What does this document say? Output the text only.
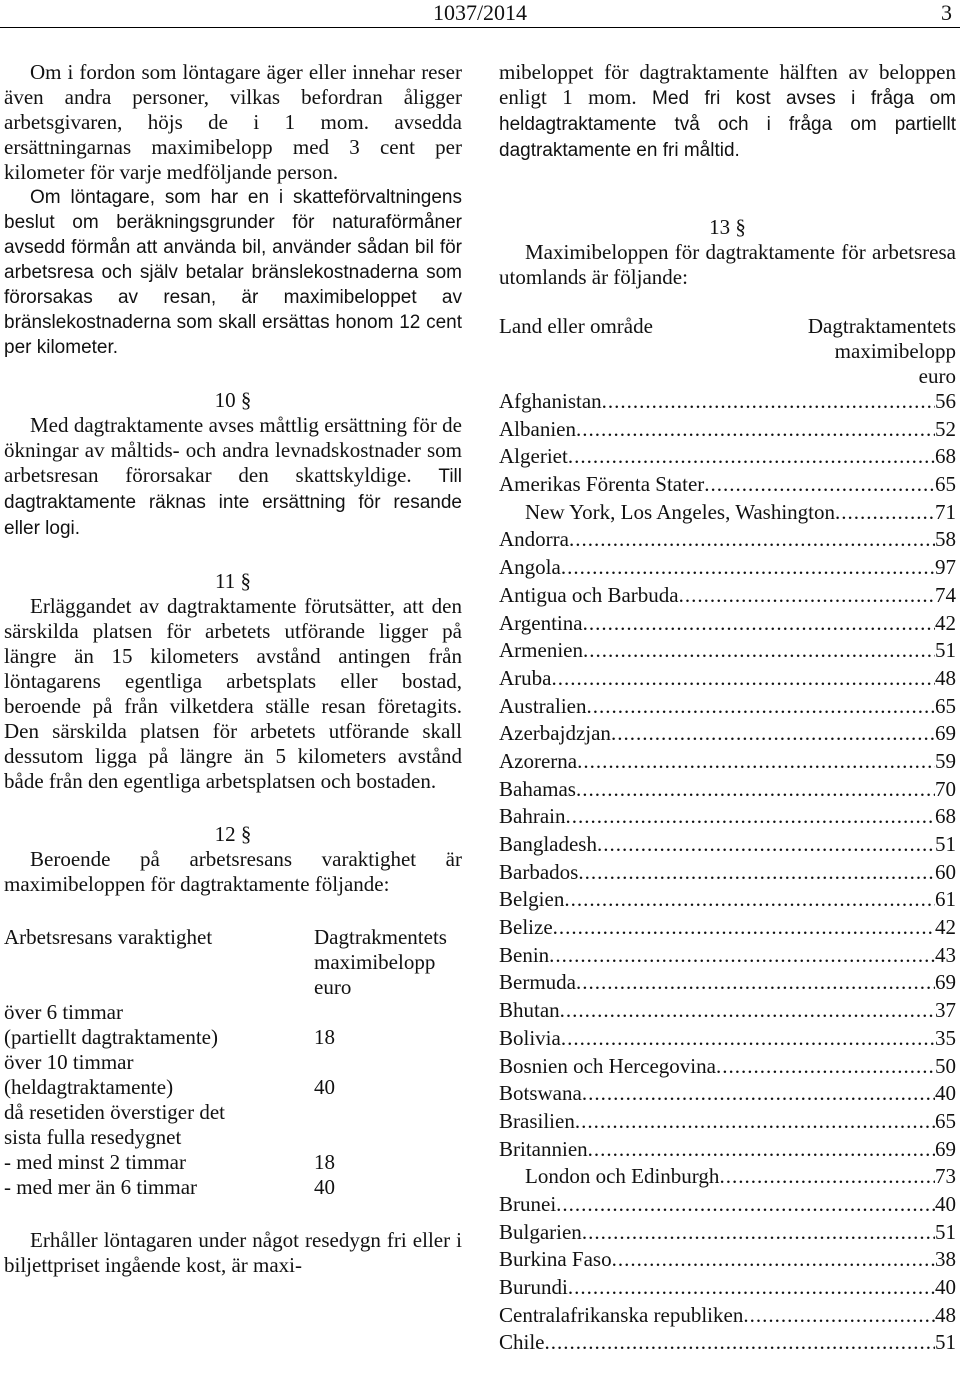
1037/2014	3

Om i fordon som löntagare äger eller innehar reser även andra personer, vilkas befordran åligger arbetsgivaren, höjs de i 1 mom. avsedda ersättningarnas maximibelopp med 3 cent per kilometer för varje medföljande person.

Om löntagare, som har en i skatteförvaltningens beslut om beräkningsgrunder för naturaförmåner avsedd förmån att använda bil, använder sådan bil för arbetsresa och själv betalar bränslekostnaderna som förorsakas av resan, är maximibeloppet av bränslekostnaderna som skall ersättas honom 12 cent per kilometer.

10 §

Med dagtraktamente avses måttlig ersättning för de ökningar av måltids- och andra levnadskostnader som arbetsresan förorsakar den skattskyldige. Till dagtraktamente räknas inte ersättning för resande eller logi.

11 §

Erläggandet av dagtraktamente förutsätter, att den särskilda platsen för arbetets utförande ligger på längre än 15 kilometers avstånd antingen från löntagarens egentliga arbetsplats eller bostad, beroende på från vilketdera ställe resan företagits. Den särskilda platsen för arbetets utförande skall dessutom ligga på längre än 5 kilometers avstånd både från den egentliga arbetsplatsen och bostaden.

12 §

Beroende på arbetsresans varaktighet är maximibeloppen för dagtraktamente följande:

Arbetsresans varaktighet	Dagtrakmentets maximibelopp euro
över 6 timmar	
(partiellt dagtraktamente)	18
över 10 timmar	
(heldagtraktamente)	40
då resetiden överstiger det	
sista fulla resedygnet	
- med minst 2 timmar	18
- med mer än 6 timmar	40

Erhåller löntagaren under något resedygn fri eller i biljettpriset ingående kost, är maxi-

mibeloppet för dagtraktamente hälften av beloppen enligt 1 mom. Med fri kost avses i fråga om heldagtraktamente två och i fråga om partiellt dagtraktamente en fri måltid.

13 §

Maximibeloppen för dagtraktamente för arbetsresa utomlands är följande:

Land eller område	Dagtraktamentets
maximibelopp
euro
Afghanistan .....	56
Albanien .....	52
Algeriet .....	68
Amerikas Förenta Stater .....	65
New York, Los Angeles, Washington .....	71
Andorra .....	58
Angola .....	97
Antigua och Barbuda .....	74
Argentina .....	42
Armenien .....	51
Aruba .....	48
Australien .....	65
Azerbajdzjan .....	69
Azorerna .....	59
Bahamas .....	70
Bahrain .....	68
Bangladesh .....	51
Barbados .....	60
Belgien .....	61
Belize .....	42
Benin .....	43
Bermuda .....	69
Bhutan .....	37
Bolivia .....	35
Bosnien och Hercegovina .....	50
Botswana .....	40
Brasilien .....	65
Britannien .....	69
London och Edinburgh .....	73
Brunei .....	40
Bulgarien .....	51
Burkina Faso .....	38
Burundi .....	40
Centralafrikanska republiken .....	48
Chile .....	51
